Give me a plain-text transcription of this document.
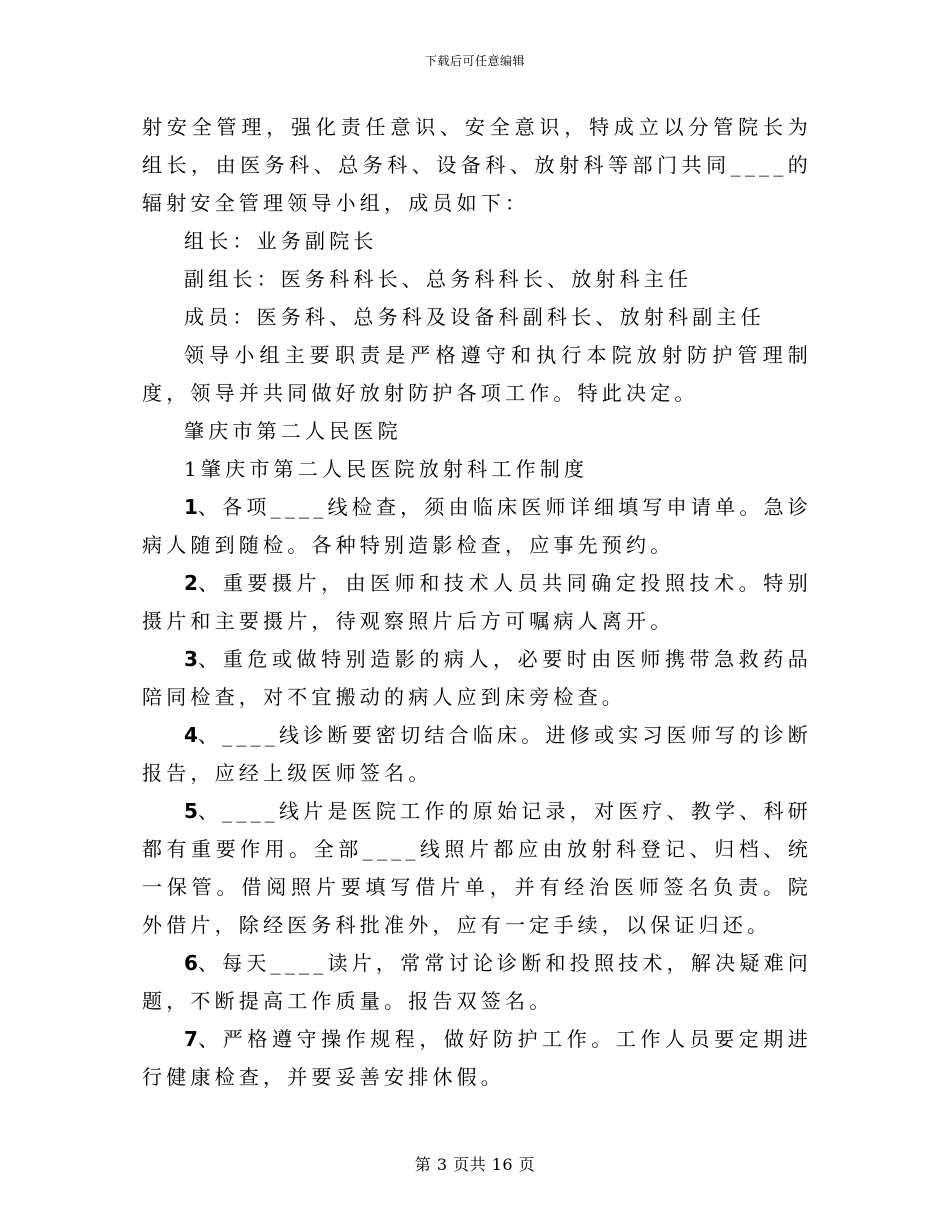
下载后可任意编辑

射安全管理，强化责任意识、安全意识，特成立以分管院长为组长，由医务科、总务科、设备科、放射科等部门共同____的辐射安全管理领导小组，成员如下：

组长：业务副院长

副组长：医务科科长、总务科科长、放射科主任

成员：医务科、总务科及设备科副科长、放射科副主任

领导小组主要职责是严格遵守和执行本院放射防护管理制度，领导并共同做好放射防护各项工作。特此决定。

肇庆市第二人民医院

1肇庆市第二人民医院放射科工作制度

1、各项____线检查，须由临床医师详细填写申请单。急诊病人随到随检。各种特别造影检查，应事先预约。

2、重要摄片，由医师和技术人员共同确定投照技术。特别摄片和主要摄片，待观察照片后方可嘱病人离开。

3、重危或做特别造影的病人，必要时由医师携带急救药品陪同检查，对不宜搬动的病人应到床旁检查。

4、____线诊断要密切结合临床。进修或实习医师写的诊断报告，应经上级医师签名。

5、____线片是医院工作的原始记录，对医疗、教学、科研都有重要作用。全部____线照片都应由放射科登记、归档、统一保管。借阅照片要填写借片单，并有经治医师签名负责。院外借片，除经医务科批准外，应有一定手续，以保证归还。

6、每天____读片，常常讨论诊断和投照技术，解决疑难问题，不断提高工作质量。报告双签名。

7、严格遵守操作规程，做好防护工作。工作人员要定期进行健康检查，并要妥善安排休假。

第 3 页共 16 页
